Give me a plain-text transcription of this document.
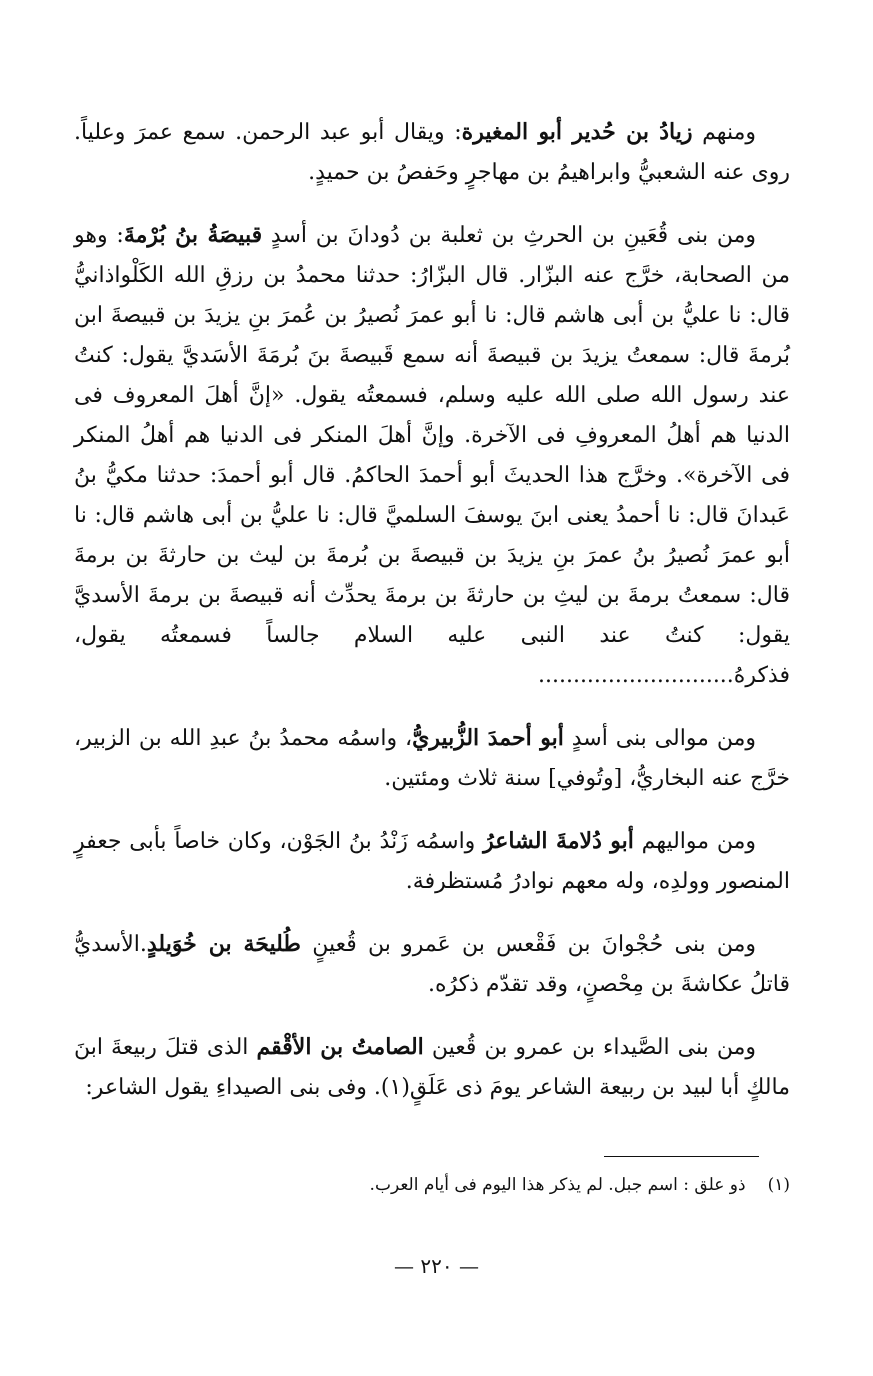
ومنهم زيادُ بن حُدير أبو المغيرة: ويقال أبو عبد الرحمن. سمع عمرَ وعلياً. روى عنه الشعبيُّ وابراهيمُ بن مهاجرٍ وحَفصُ بن حميدٍ.

ومن بنى قُعَينِ بن الحرثِ بن ثعلبة بن دُودانَ بن أسدٍ قبيصَةُ بنُ بُرْمةَ: وهو من الصحابة، خرَّج عنه البزّار. قال البزّارُ: حدثنا محمدُ بن رزقِ الله الكَلْواذانيُّ قال: نا عليُّ بن أبى هاشم قال: نا أبو عمرَ نُصيرُ بن عُمرَ بنِ يزيدَ بن قبيصةَ ابن بُرمةَ قال: سمعتُ يزيدَ بن قبيصةَ أنه سمع قَبيصةَ بنَ بُرمَةَ الأسَديَّ يقول: كنتُ عند رسول الله صلى الله عليه وسلم، فسمعتُه يقول. «إنَّ أهلَ المعروف فى الدنيا هم أهلُ المعروفِ فى الآخرة. وإنَّ أهلَ المنكر فى الدنيا هم أهلُ المنكر فى الآخرة». وخرَّج هذا الحديثَ أبو أحمدَ الحاكمُ. قال أبو أحمدَ: حدثنا مكيُّ بنُ عَبدانَ قال: نا أحمدُ يعنى ابنَ يوسفَ السلميَّ قال: نا عليُّ بن أبى هاشم قال: نا أبو عمرَ نُصيرُ بنُ عمرَ بنِ يزيدَ بن قبيصةَ بن بُرمةَ بن ليث بن حارثةَ بن برمةَ قال: سمعتُ برمةَ بن ليثِ بن حارثةَ بن برمةَ يحدِّث أنه قبيصةَ بن برمةَ الأسديَّ يقول: كنتُ عند النبى عليه السلام جالساً فسمعتُه يقول، فذكرهُ............................

ومن موالى بنى أسدٍ أبو أحمدَ الزُّبيريُّ، واسمُه محمدُ بنُ عبدِ الله بن الزبير، خرَّج عنه البخاريُّ، [وتُوفي] سنة ثلاث ومئتين.

ومن مواليهم أبو دُلامةَ الشاعرُ واسمُه زَنْدُ بنُ الجَوْن، وكان خاصاً بأبى جعفرٍ المنصور وولدِه، وله معهم نوادرُ مُستظرفة.

ومن بنى حُجْوانَ بن فَقْعس بن عَمرو بن قُعينٍ طُليحَة بن خُوَيلدٍ.الأسديُّ قاتلُ عكاشةَ بن مِحْصنٍ، وقد تقدّم ذكرُه.

ومن بنى الصَّيداء بن عمرو بن قُعين الصامتُ بن الأقْقم الذى قتلَ ربيعةَ ابنَ مالكٍ أبا لبيد بن ربيعة الشاعر يومَ ذى عَلَقٍ(١). وفى بنى الصيداءِ يقول الشاعر:

(١)ذو علق : اسم جبل. لم يذكر هذا اليوم فى أيام العرب.
— ٢٢٠ —
